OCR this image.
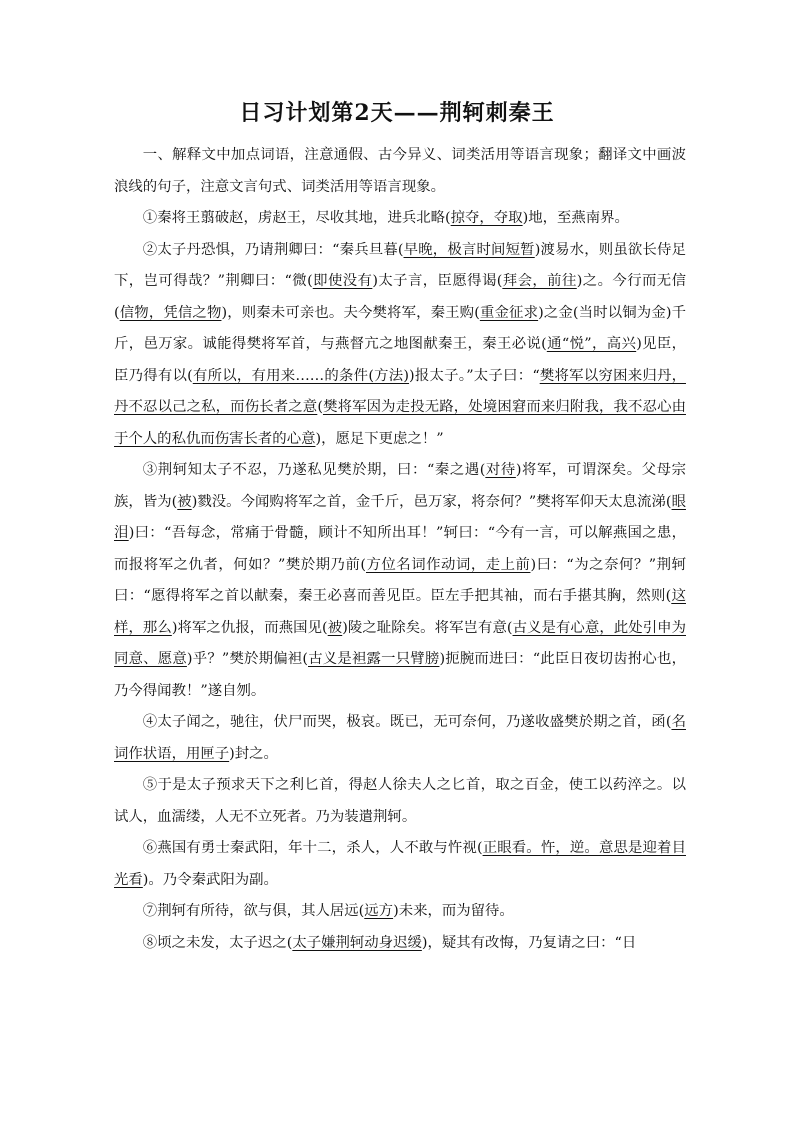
日习计划第2天——荆轲刺秦王

一、解释文中加点词语，注意通假、古今异义、词类活用等语言现象；翻译文中画波浪线的句子，注意文言句式、词类活用等语言现象。

①秦将王翦破赵，虏赵王，尽收其地，进兵北略(掠夺，夺取)地，至燕南界。

②太子丹恐惧，乃请荆卿曰：“秦兵旦暮(早晚，极言时间短暂)渡易水，则虽欲长侍足下，岂可得哉？”荆卿曰：“微(即使没有)太子言，臣愿得谒(拜会，前往)之。今行而无信(信物，凭信之物)，则秦未可亲也。夫今樊将军，秦王购(重金征求)之金(当时以铜为金)千斤，邑万家。诚能得樊将军首，与燕督亢之地图献秦王，秦王必说(通“悦”，高兴)见臣，臣乃得有以(有所以，有用来……的条件(方法))报太子。”太子曰：“樊将军以穷困来归丹，丹不忍以己之私，而伤长者之意(樊将军因为走投无路，处境困窘而来归附我，我不忍心由于个人的私仇而伤害长者的心意)，愿足下更虑之！”

③荆轲知太子不忍，乃遂私见樊於期，曰：“秦之遇(对待)将军，可谓深矣。父母宗族，皆为(被)戮没。今闻购将军之首，金千斤，邑万家，将奈何？”樊将军仰天太息流涕(眼泪)曰：“吾每念，常痛于骨髓，顾计不知所出耳！”轲曰：“今有一言，可以解燕国之患，而报将军之仇者，何如？”樊於期乃前(方位名词作动词，走上前)曰：“为之奈何？”荆轲曰：“愿得将军之首以献秦，秦王必喜而善见臣。臣左手把其袖，而右手揕其胸，然则(这样，那么)将军之仇报，而燕国见(被)陵之耻除矣。将军岂有意(古义是有心意，此处引申为同意、愿意)乎？”樊於期偏袒(古义是袒露一只臂膀)扼腕而进曰：“此臣日夜切齿拊心也，乃今得闻教！”遂自刎。

④太子闻之，驰往，伏尸而哭，极哀。既已，无可奈何，乃遂收盛樊於期之首，函(名词作状语，用匣子)封之。

⑤于是太子预求天下之利匕首，得赵人徐夫人之匕首，取之百金，使工以药淬之。以试人，血濡缕，人无不立死者。乃为装遣荆轲。

⑥燕国有勇士秦武阳，年十二，杀人，人不敢与忤视(正眼看。忤，逆。意思是迎着目光看)。乃令秦武阳为副。

⑦荆轲有所待，欲与俱，其人居远(远方)未来，而为留待。

⑧顷之未发，太子迟之(太子嫌荆轲动身迟缓)，疑其有改悔，乃复请之曰：“日
